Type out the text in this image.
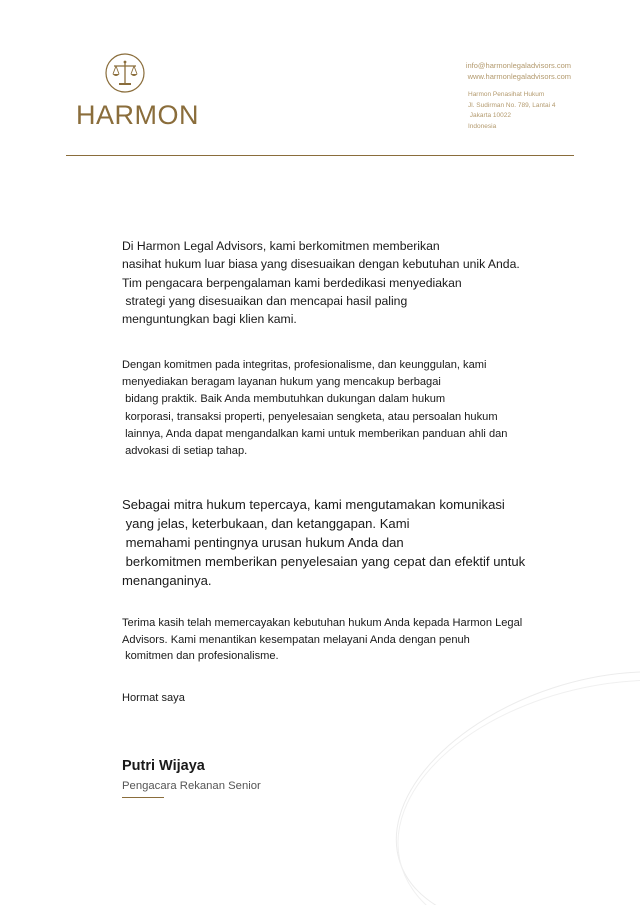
HARMON
info@harmonlegaladvisors.com
www.harmonlegaladvisors.com
Harmon Penasihat Hukum
Jl. Sudirman No. 789, Lantai 4
Jakarta 10022
Indonesia

Di Harmon Legal Advisors, kami berkomitmen memberikan
nasihat hukum luar biasa yang disesuaikan dengan kebutuhan unik Anda.
Tim pengacara berpengalaman kami berdedikasi menyediakan
strategi yang disesuaikan dan mencapai hasil paling
menguntungkan bagi klien kami.

Dengan komitmen pada integritas, profesionalisme, dan keunggulan, kami
menyediakan beragam layanan hukum yang mencakup berbagai
bidang praktik. Baik Anda membutuhkan dukungan dalam hukum
korporasi, transaksi properti, penyelesaian sengketa, atau persoalan hukum
lainnya, Anda dapat mengandalkan kami untuk memberikan panduan ahli dan
advokasi di setiap tahap.

Sebagai mitra hukum tepercaya, kami mengutamakan komunikasi
yang jelas, keterbukaan, dan ketanggapan. Kami
memahami pentingnya urusan hukum Anda dan
berkomitmen memberikan penyelesaian yang cepat dan efektif untuk
menanganinya.

Terima kasih telah memercayakan kebutuhan hukum Anda kepada Harmon Legal
Advisors. Kami menantikan kesempatan melayani Anda dengan penuh
komitmen dan profesionalisme.

Hormat saya
Putri Wijaya
Pengacara Rekanan Senior
